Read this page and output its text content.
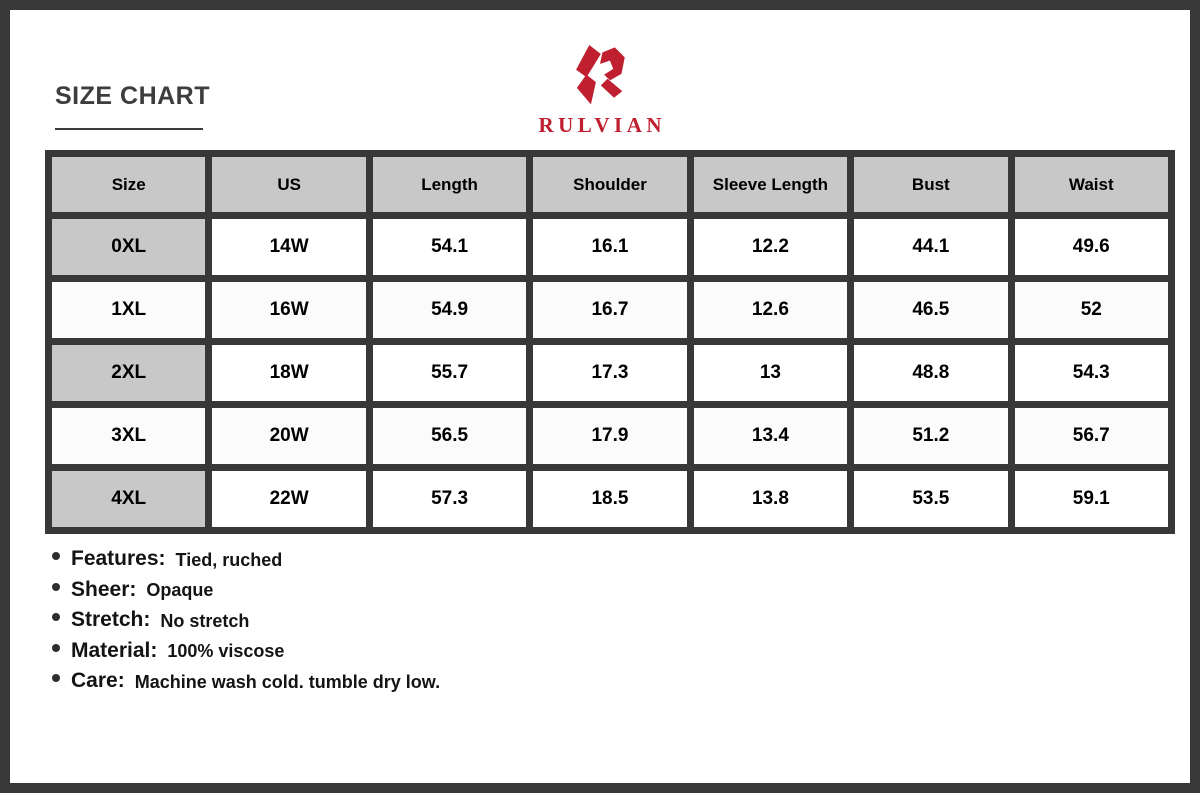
SIZE CHART
RULVIAN
Size	US	Length	Shoulder	Sleeve Length	Bust	Waist
0XL	14W	54.1	16.1	12.2	44.1	49.6
1XL	16W	54.9	16.7	12.6	46.5	52
2XL	18W	55.7	17.3	13	48.8	54.3
3XL	20W	56.5	17.9	13.4	51.2	56.7
4XL	22W	57.3	18.5	13.8	53.5	59.1
Features: Tied, ruched
Sheer: Opaque
Stretch: No stretch
Material: 100% viscose
Care: Machine wash cold. tumble dry low.
